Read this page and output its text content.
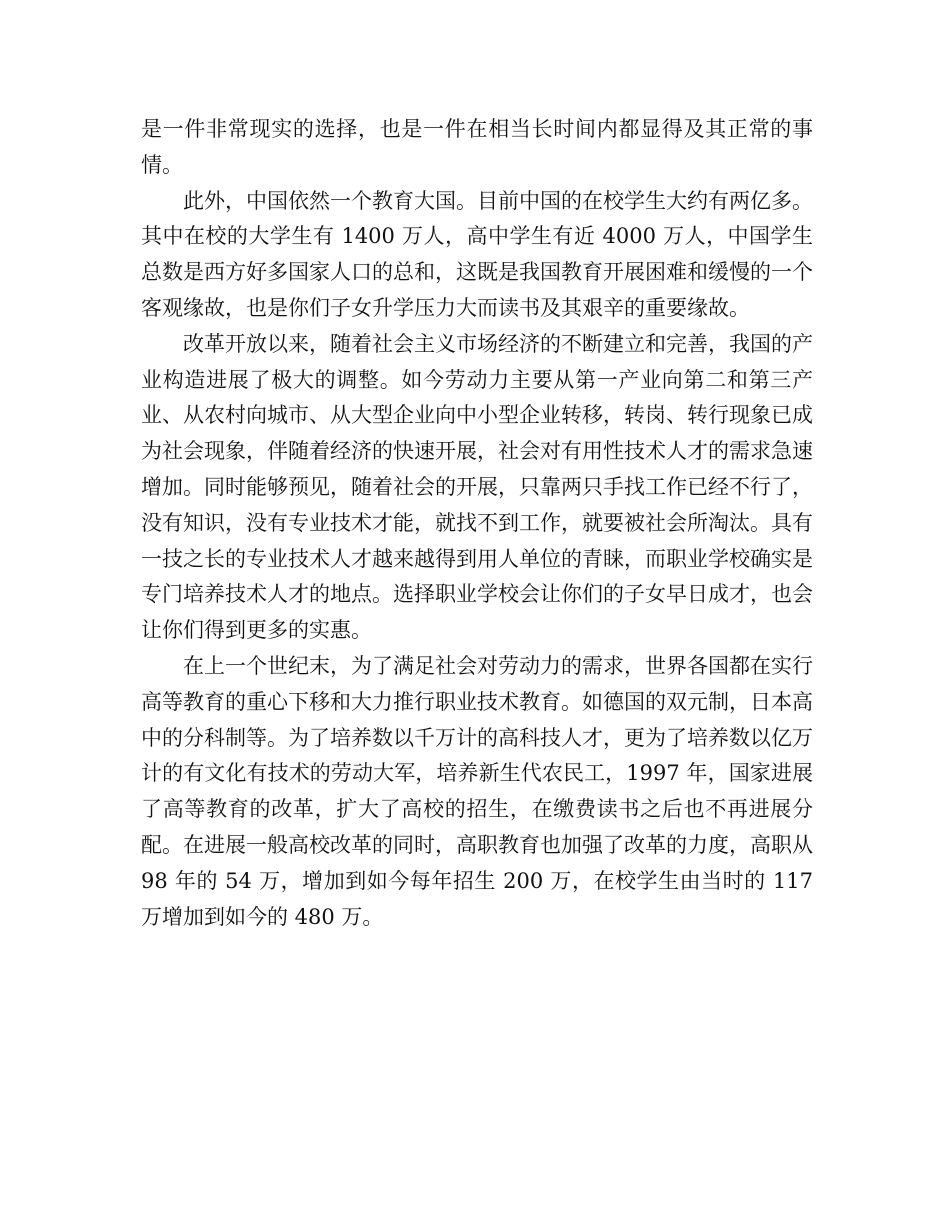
是一件非常现实的选择，也是一件在相当长时间内都显得及其正常的事情。

此外，中国依然一个教育大国。目前中国的在校学生大约有两亿多。其中在校的大学生有 1400 万人，高中学生有近 4000 万人，中国学生总数是西方好多国家人口的总和，这既是我国教育开展困难和缓慢的一个客观缘故，也是你们子女升学压力大而读书及其艰辛的重要缘故。

改革开放以来，随着社会主义市场经济的不断建立和完善，我国的产业构造进展了极大的调整。如今劳动力主要从第一产业向第二和第三产业、从农村向城市、从大型企业向中小型企业转移，转岗、转行现象已成为社会现象，伴随着经济的快速开展，社会对有用性技术人才的需求急速增加。同时能够预见，随着社会的开展，只靠两只手找工作已经不行了，没有知识，没有专业技术才能，就找不到工作，就要被社会所淘汰。具有一技之长的专业技术人才越来越得到用人单位的青睐，而职业学校确实是专门培养技术人才的地点。选择职业学校会让你们的子女早日成才，也会让你们得到更多的实惠。

在上一个世纪末，为了满足社会对劳动力的需求，世界各国都在实行高等教育的重心下移和大力推行职业技术教育。如德国的双元制，日本高中的分科制等。为了培养数以千万计的高科技人才，更为了培养数以亿万计的有文化有技术的劳动大军，培养新生代农民工，1997 年，国家进展了高等教育的改革，扩大了高校的招生，在缴费读书之后也不再进展分配。在进展一般高校改革的同时，高职教育也加强了改革的力度，高职从 98 年的 54 万，增加到如今每年招生 200 万，在校学生由当时的 117 万增加到如今的 480 万。
